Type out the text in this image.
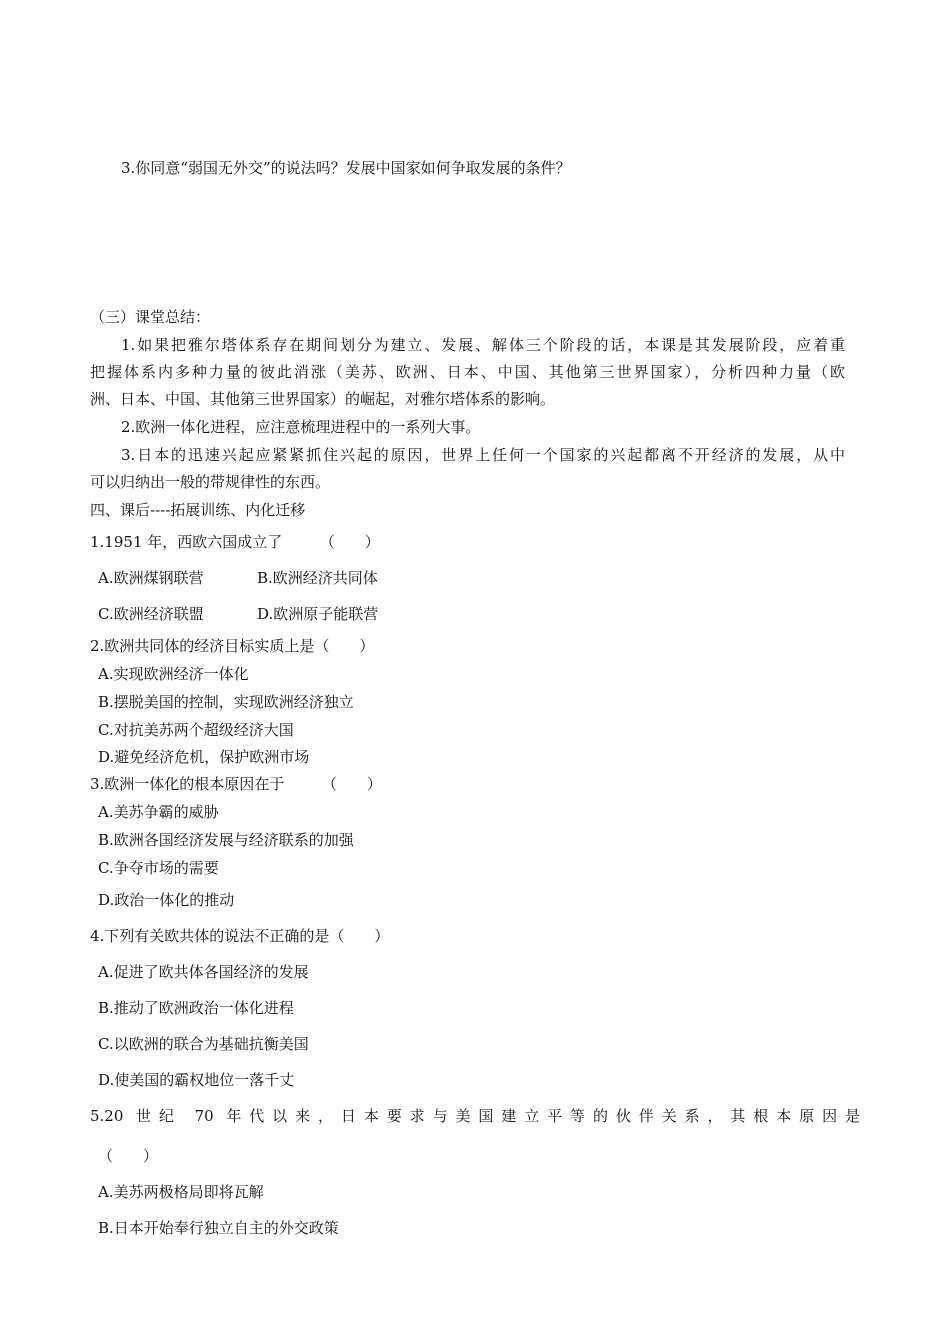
3.你同意“弱国无外交”的说法吗？发展中国家如何争取发展的条件？
（三）课堂总结：
1.如果把雅尔塔体系存在期间划分为建立、发展、解体三个阶段的话，本课是其发展阶段，应着重
把握体系内多种力量的彼此消涨（美苏、欧洲、日本、中国、其他第三世界国家），分析四种力量（欧
洲、日本、中国、其他第三世界国家）的崛起，对雅尔塔体系的影响。
2.欧洲一体化进程，应注意梳理进程中的一系列大事。
3.日本的迅速兴起应紧紧抓住兴起的原因，世界上任何一个国家的兴起都离不开经济的发展，从中
可以归纳出一般的带规律性的东西。
四、课后----拓展训练、内化迁移
1.1951 年，西欧六国成立了　　　（　　）
A.欧洲煤钢联营	B.欧洲经济共同体
C.欧洲经济联盟	D.欧洲原子能联营
2.欧洲共同体的经济目标实质上是（　　）
A.实现欧洲经济一体化
B.摆脱美国的控制，实现欧洲经济独立
C.对抗美苏两个超级经济大国
D.避免经济危机，保护欧洲市场
3.欧洲一体化的根本原因在于　　　（　　）
A.美苏争霸的威胁
B.欧洲各国经济发展与经济联系的加强
C.争夺市场的需要
D.政治一体化的推动
4.下列有关欧共体的说法不正确的是（　　）
A.促进了欧共体各国经济的发展
B.推动了欧洲政治一体化进程
C.以欧洲的联合为基础抗衡美国
D.使美国的霸权地位一落千丈
5.20 世纪 70 年代以来，日本要求与美国建立平等的伙伴关系，其根本原因是
（　　）
A.美苏两极格局即将瓦解
B.日本开始奉行独立自主的外交政策
